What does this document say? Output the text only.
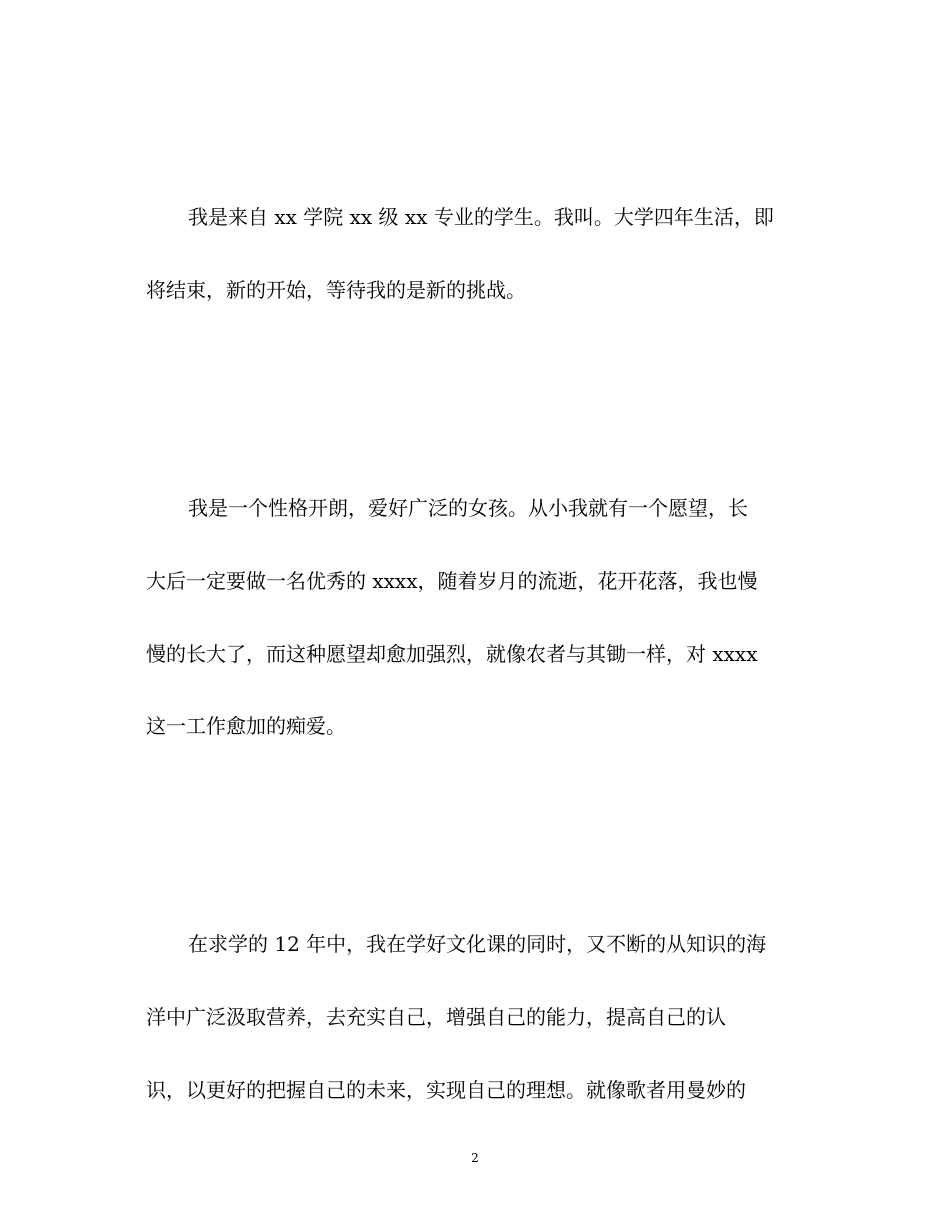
我是来自 xx 学院 xx 级 xx 专业的学生。我叫。大学四年生活，即

将结束，新的开始，等待我的是新的挑战。

我是一个性格开朗，爱好广泛的女孩。从小我就有一个愿望，长

大后一定要做一名优秀的 xxxx，随着岁月的流逝，花开花落，我也慢

慢的长大了，而这种愿望却愈加强烈，就像农者与其锄一样，对 xxxx

这一工作愈加的痴爱。

在求学的 12 年中，我在学好文化课的同时，又不断的从知识的海

洋中广泛汲取营养，去充实自己，增强自己的能力，提高自己的认

识，以更好的把握自己的未来，实现自己的理想。就像歌者用曼妙的

2
